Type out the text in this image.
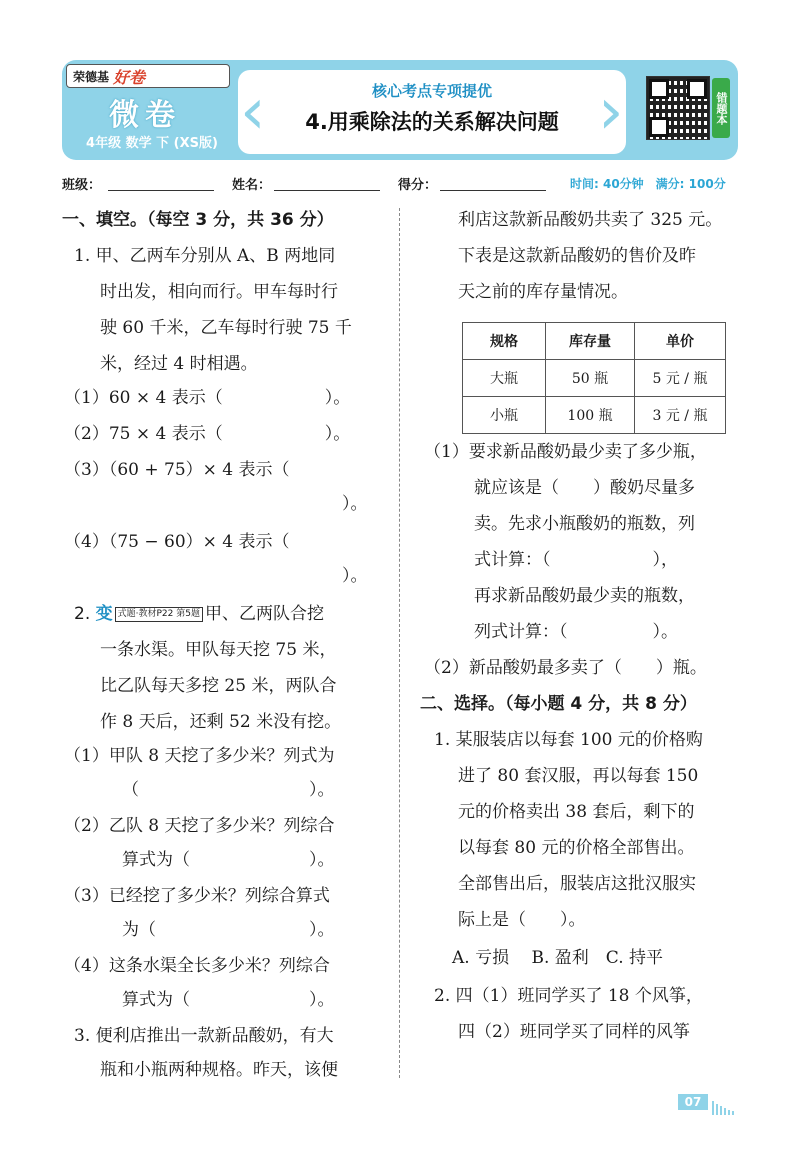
荣德基 好卷
微卷
4年级 数学 下 (XS版) ‹	›
核心考点专项提优
4.用乘除法的关系解决问题	错题本
班级：	姓名：	得分：	时间: 40分钟　满分: 100分
一、填空。（每空 3 分，共 36 分）
1. 甲、乙两车分别从 A、B 两地同
时出发，相向而行。甲车每时行
驶 60 千米，乙车每时行驶 75 千
米，经过 4 时相遇。
（1）60 × 4 表示（　　　　　　）。
（2）75 × 4 表示（　　　　　　）。
（3）（60 + 75）× 4 表示（
）。
（4）（75 − 60）× 4 表示（
）。
2. 变 式题·教材P22 第5题 甲、乙两队合挖
一条水渠。甲队每天挖 75 米，
比乙队每天多挖 25 米，两队合
作 8 天后，还剩 52 米没有挖。
（1）甲队 8 天挖了多少米？列式为
（　　　　　　　　　　）。
（2）乙队 8 天挖了多少米？列综合
算式为（　　　　　　　）。
（3）已经挖了多少米？列综合算式
为（　　　　　　　　　）。
（4）这条水渠全长多少米？列综合
算式为（　　　　　　　）。
3. 便利店推出一款新品酸奶，有大
瓶和小瓶两种规格。昨天，该便
利店这款新品酸奶共卖了 325 元。
下表是这款新品酸奶的售价及昨
天之前的库存量情况。
规格	库存量	单价
大瓶	50 瓶	5 元 / 瓶
小瓶	100 瓶	3 元 / 瓶
（1）要求新品酸奶最少卖了多少瓶，
就应该是（　　）酸奶尽量多
卖。先求小瓶酸奶的瓶数，列
式计算：（　　　　　　），
再求新品酸奶最少卖的瓶数，
列式计算：（　　　　　）。
（2）新品酸奶最多卖了（　　）瓶。
二、选择。（每小题 4 分，共 8 分）
1. 某服装店以每套 100 元的价格购
进了 80 套汉服，再以每套 150
元的价格卖出 38 套后，剩下的
以每套 80 元的价格全部售出。
全部售出后，服装店这批汉服实
际上是（　　）。
A. 亏损　 B. 盈利　C. 持平
2. 四（1）班同学买了 18 个风筝，
四（2）班同学买了同样的风筝
07
